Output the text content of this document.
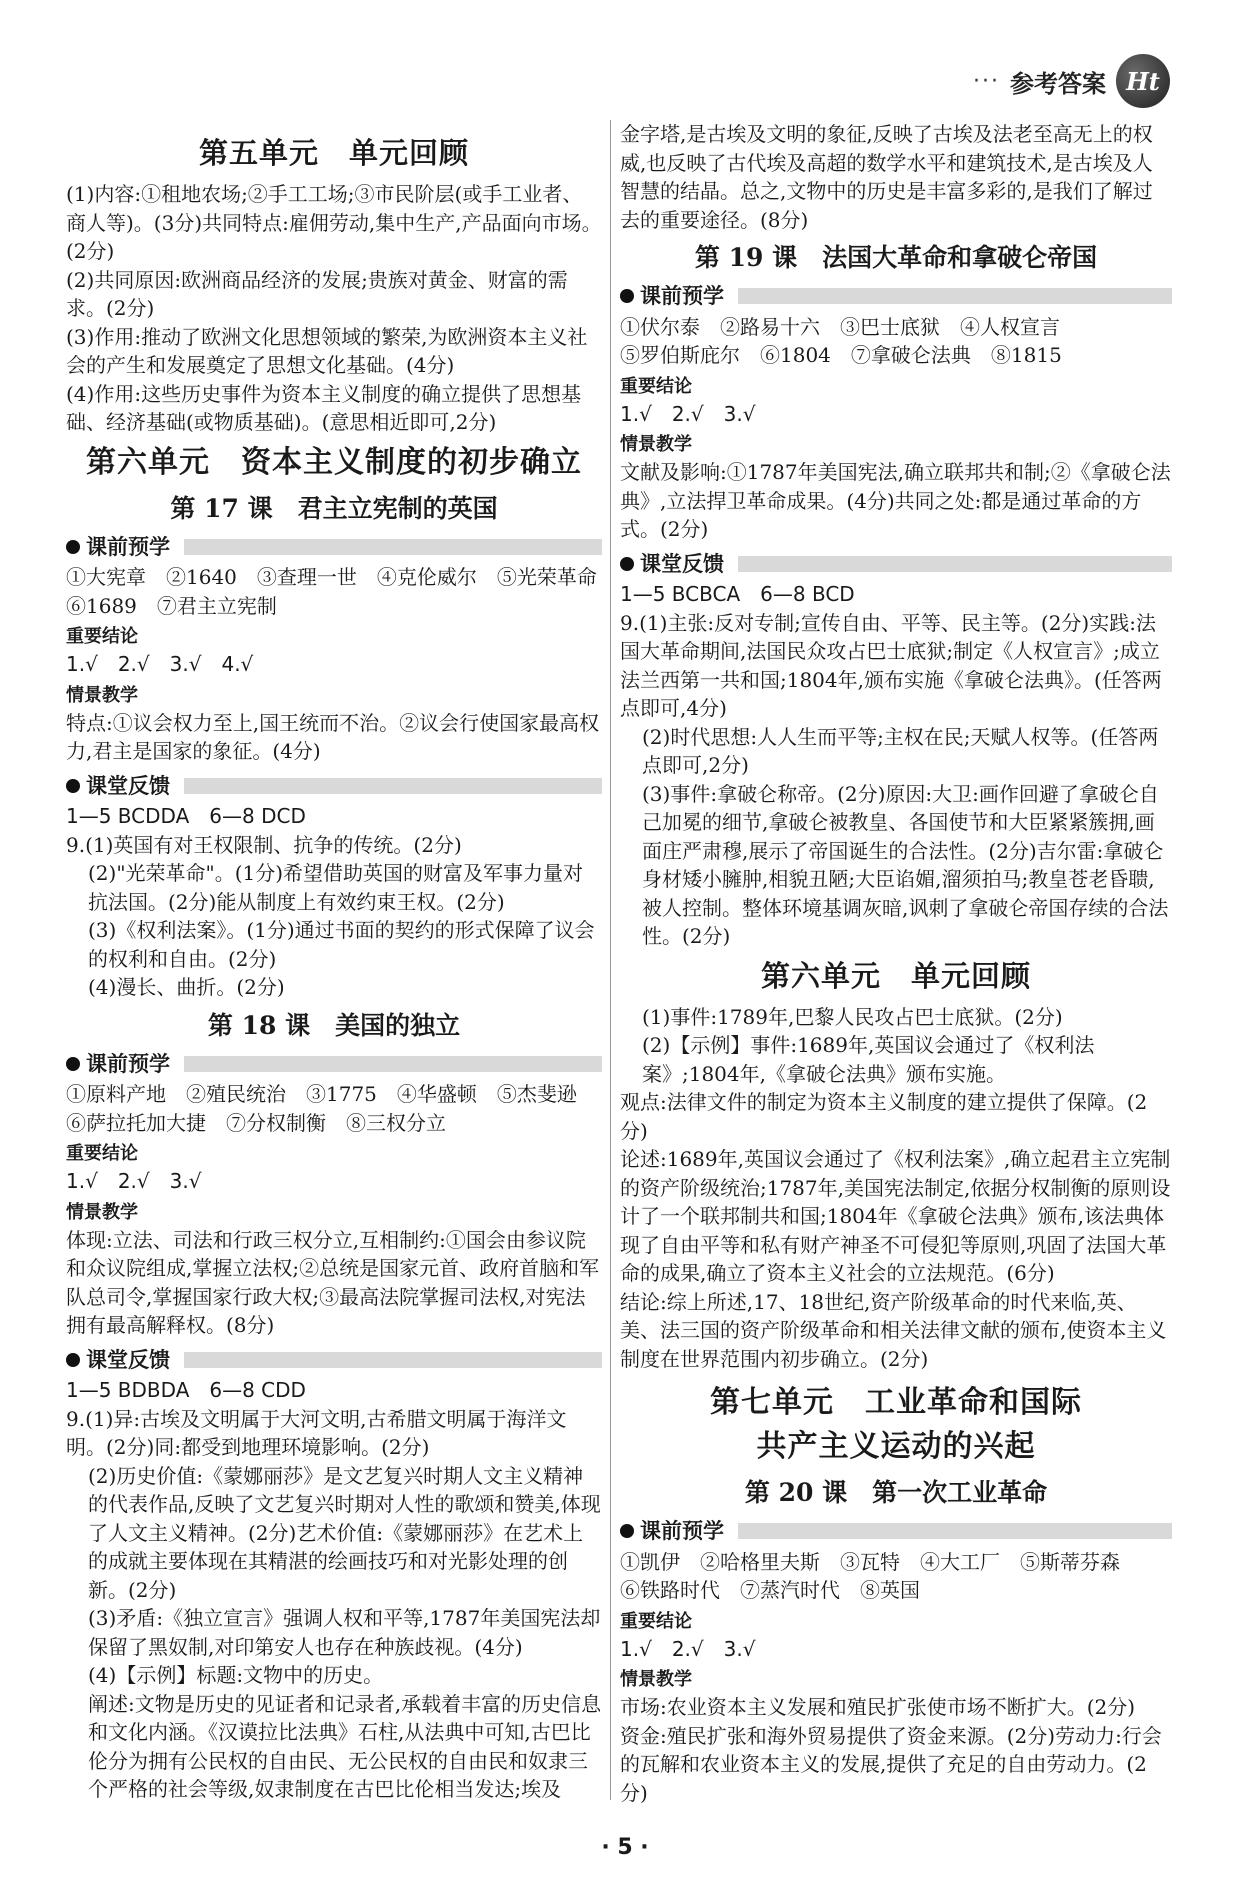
··· 参考答案 Ht
第五单元　单元回顾

(1)内容:①租地农场;②手工工场;③市民阶层(或手工业者、商人等)。(3分)共同特点:雇佣劳动,集中生产,产品面向市场。(2分)

(2)共同原因:欧洲商品经济的发展;贵族对黄金、财富的需求。(2分)

(3)作用:推动了欧洲文化思想领域的繁荣,为欧洲资本主义社会的产生和发展奠定了思想文化基础。(4分)

(4)作用:这些历史事件为资本主义制度的确立提供了思想基础、经济基础(或物质基础)。(意思相近即可,2分)

第六单元　资本主义制度的初步确立
第 17 课　君主立宪制的英国
课前预学

①大宪章　②1640　③查理一世　④克伦威尔　⑤光荣革命

⑥1689　⑦君主立宪制

重要结论

1.√　2.√　3.√　4.√

情景教学

特点:①议会权力至上,国王统而不治。②议会行使国家最高权力,君主是国家的象征。(4分)

课堂反馈

1—5 BCDDA　6—8 DCD

9.(1)英国有对王权限制、抗争的传统。(2分)

(2)"光荣革命"。(1分)希望借助英国的财富及军事力量对抗法国。(2分)能从制度上有效约束王权。(2分)

(3)《权利法案》。(1分)通过书面的契约的形式保障了议会的权利和自由。(2分)

(4)漫长、曲折。(2分)

第 18 课　美国的独立
课前预学

①原料产地　②殖民统治　③1775　④华盛顿　⑤杰斐逊

⑥萨拉托加大捷　⑦分权制衡　⑧三权分立

重要结论

1.√　2.√　3.√

情景教学

体现:立法、司法和行政三权分立,互相制约:①国会由参议院和众议院组成,掌握立法权;②总统是国家元首、政府首脑和军队总司令,掌握国家行政大权;③最高法院掌握司法权,对宪法拥有最高解释权。(8分)

课堂反馈

1—5 BDBDA　6—8 CDD

9.(1)异:古埃及文明属于大河文明,古希腊文明属于海洋文明。(2分)同:都受到地理环境影响。(2分)

(2)历史价值:《蒙娜丽莎》是文艺复兴时期人文主义精神的代表作品,反映了文艺复兴时期对人性的歌颂和赞美,体现了人文主义精神。(2分)艺术价值:《蒙娜丽莎》在艺术上的成就主要体现在其精湛的绘画技巧和对光影处理的创新。(2分)

(3)矛盾:《独立宣言》强调人权和平等,1787年美国宪法却保留了黑奴制,对印第安人也存在种族歧视。(4分)

(4)【示例】标题:文物中的历史。

阐述:文物是历史的见证者和记录者,承载着丰富的历史信息和文化内涵。《汉谟拉比法典》石柱,从法典中可知,古巴比伦分为拥有公民权的自由民、无公民权的自由民和奴隶三个严格的社会等级,奴隶制度在古巴比伦相当发达;埃及

金字塔,是古埃及文明的象征,反映了古埃及法老至高无上的权威,也反映了古代埃及高超的数学水平和建筑技术,是古埃及人智慧的结晶。总之,文物中的历史是丰富多彩的,是我们了解过去的重要途径。(8分)

第 19 课　法国大革命和拿破仑帝国
课前预学

①伏尔泰　②路易十六　③巴士底狱　④人权宣言

⑤罗伯斯庇尔　⑥1804　⑦拿破仑法典　⑧1815

重要结论

1.√　2.√　3.√

情景教学

文献及影响:①1787年美国宪法,确立联邦共和制;②《拿破仑法典》,立法捍卫革命成果。(4分)共同之处:都是通过革命的方式。(2分)

课堂反馈

1—5 BCBCA　6—8 BCD

9.(1)主张:反对专制;宣传自由、平等、民主等。(2分)实践:法国大革命期间,法国民众攻占巴士底狱;制定《人权宣言》;成立法兰西第一共和国;1804年,颁布实施《拿破仑法典》。(任答两点即可,4分)

(2)时代思想:人人生而平等;主权在民;天赋人权等。(任答两点即可,2分)

(3)事件:拿破仑称帝。(2分)原因:大卫:画作回避了拿破仑自己加冕的细节,拿破仑被教皇、各国使节和大臣紧紧簇拥,画面庄严肃穆,展示了帝国诞生的合法性。(2分)吉尔雷:拿破仑身材矮小臃肿,相貌丑陋;大臣谄媚,溜须拍马;教皇苍老昏聩,被人控制。整体环境基调灰暗,讽刺了拿破仑帝国存续的合法性。(2分)

第六单元　单元回顾

(1)事件:1789年,巴黎人民攻占巴士底狱。(2分)

(2)【示例】事件:1689年,英国议会通过了《权利法案》;1804年,《拿破仑法典》颁布实施。

观点:法律文件的制定为资本主义制度的建立提供了保障。(2分)

论述:1689年,英国议会通过了《权利法案》,确立起君主立宪制的资产阶级统治;1787年,美国宪法制定,依据分权制衡的原则设计了一个联邦制共和国;1804年《拿破仑法典》颁布,该法典体现了自由平等和私有财产神圣不可侵犯等原则,巩固了法国大革命的成果,确立了资本主义社会的立法规范。(6分)

结论:综上所述,17、18世纪,资产阶级革命的时代来临,英、美、法三国的资产阶级革命和相关法律文献的颁布,使资本主义制度在世界范围内初步确立。(2分)

第七单元　工业革命和国际
共产主义运动的兴起
第 20 课　第一次工业革命
课前预学

①凯伊　②哈格里夫斯　③瓦特　④大工厂　⑤斯蒂芬森

⑥铁路时代　⑦蒸汽时代　⑧英国

重要结论

1.√　2.√　3.√

情景教学

市场:农业资本主义发展和殖民扩张使市场不断扩大。(2分)

资金:殖民扩张和海外贸易提供了资金来源。(2分)劳动力:行会的瓦解和农业资本主义的发展,提供了充足的自由劳动力。(2分)

· 5 ·
